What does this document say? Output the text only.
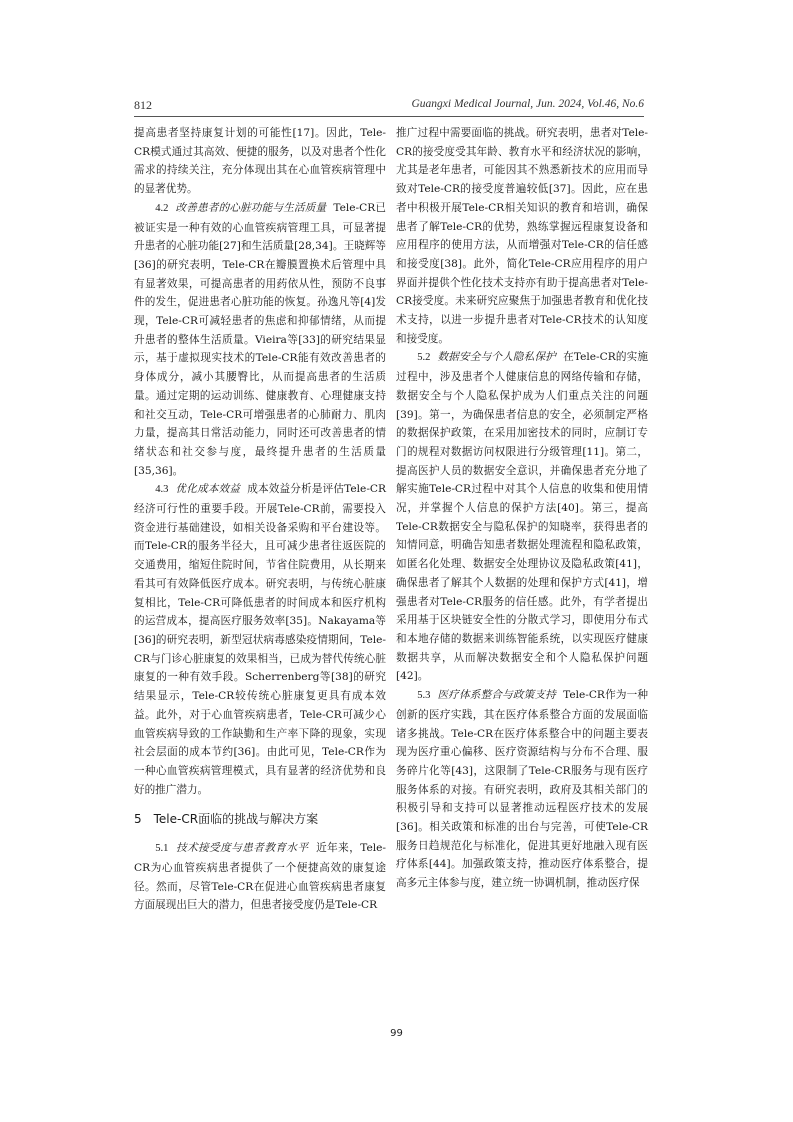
812	Guangxi Medical Journal, Jun. 2024, Vol.46, No.6

提高患者坚持康复计划的可能性[17]。因此，Tele-CR模式通过其高效、便捷的服务，以及对患者个性化需求的持续关注，充分体现出其在心血管疾病管理中的显著优势。

4.2 改善患者的心脏功能与生活质量 Tele-CR已被证实是一种有效的心血管疾病管理工具，可显著提升患者的心脏功能[27]和生活质量[28,34]。王晓辉等[36]的研究表明，Tele-CR在瓣膜置换术后管理中具有显著效果，可提高患者的用药依从性，预防不良事件的发生，促进患者心脏功能的恢复。孙逸凡等[4]发现，Tele-CR可减轻患者的焦虑和抑郁情绪，从而提升患者的整体生活质量。Vieira等[33]的研究结果显示，基于虚拟现实技术的Tele-CR能有效改善患者的身体成分，减小其腰臀比，从而提高患者的生活质量。通过定期的运动训练、健康教育、心理健康支持和社交互动，Tele-CR可增强患者的心肺耐力、肌肉力量，提高其日常活动能力，同时还可改善患者的情绪状态和社交参与度，最终提升患者的生活质量[35,36]。

4.3 优化成本效益 成本效益分析是评估Tele-CR经济可行性的重要手段。开展Tele-CR前，需要投入资金进行基础建设，如相关设备采购和平台建设等。而Tele-CR的服务半径大，且可减少患者往返医院的交通费用，缩短住院时间，节省住院费用，从长期来看其可有效降低医疗成本。研究表明，与传统心脏康复相比，Tele-CR可降低患者的时间成本和医疗机构的运营成本，提高医疗服务效率[35]。Nakayama等[36]的研究表明，新型冠状病毒感染疫情期间，Tele-CR与门诊心脏康复的效果相当，已成为替代传统心脏康复的一种有效手段。Scherrenberg等[38]的研究结果显示，Tele-CR较传统心脏康复更具有成本效益。此外，对于心血管疾病患者，Tele-CR可减少心血管疾病导致的工作缺勤和生产率下降的现象，实现社会层面的成本节约[36]。由此可见，Tele-CR作为一种心血管疾病管理模式，具有显著的经济优势和良好的推广潜力。

5　Tele-CR面临的挑战与解决方案

5.1 技术接受度与患者教育水平 近年来，Tele-CR为心血管疾病患者提供了一个便捷高效的康复途径。然而，尽管Tele-CR在促进心血管疾病患者康复方面展现出巨大的潜力，但患者接受度仍是Tele-CR

推广过程中需要面临的挑战。研究表明，患者对Tele-CR的接受度受其年龄、教育水平和经济状况的影响，尤其是老年患者，可能因其不熟悉新技术的应用而导致对Tele-CR的接受度普遍较低[37]。因此，应在患者中积极开展Tele-CR相关知识的教育和培训，确保患者了解Tele-CR的优势，熟练掌握远程康复设备和应用程序的使用方法，从而增强对Tele-CR的信任感和接受度[38]。此外，简化Tele-CR应用程序的用户界面并提供个性化技术支持亦有助于提高患者对Tele-CR接受度。未来研究应聚焦于加强患者教育和优化技术支持，以进一步提升患者对Tele-CR技术的认知度和接受度。

5.2 数据安全与个人隐私保护 在Tele-CR的实施过程中，涉及患者个人健康信息的网络传输和存储，数据安全与个人隐私保护成为人们重点关注的问题[39]。第一，为确保患者信息的安全，必须制定严格的数据保护政策，在采用加密技术的同时，应制订专门的规程对数据访问权限进行分级管理[11]。第二，提高医护人员的数据安全意识，并确保患者充分地了解实施Tele-CR过程中对其个人信息的收集和使用情况，并掌握个人信息的保护方法[40]。第三，提高Tele-CR数据安全与隐私保护的知晓率，获得患者的知情同意，明确告知患者数据处理流程和隐私政策，如匿名化处理、数据安全处理协议及隐私政策[41]，确保患者了解其个人数据的处理和保护方式[41]，增强患者对Tele-CR服务的信任感。此外，有学者提出采用基于区块链安全性的分散式学习，即使用分布式和本地存储的数据来训练智能系统，以实现医疗健康数据共享，从而解决数据安全和个人隐私保护问题[42]。

5.3 医疗体系整合与政策支持 Tele-CR作为一种创新的医疗实践，其在医疗体系整合方面的发展面临诸多挑战。Tele-CR在医疗体系整合中的问题主要表现为医疗重心偏移、医疗资源结构与分布不合理、服务碎片化等[43]，这限制了Tele-CR服务与现有医疗服务体系的对接。有研究表明，政府及其相关部门的积极引导和支持可以显著推动远程医疗技术的发展[36]。相关政策和标准的出台与完善，可使Tele-CR服务日趋规范化与标准化，促进其更好地融入现有医疗体系[44]。加强政策支持，推动医疗体系整合，提高多元主体参与度，建立统一协调机制，推动医疗保

99
